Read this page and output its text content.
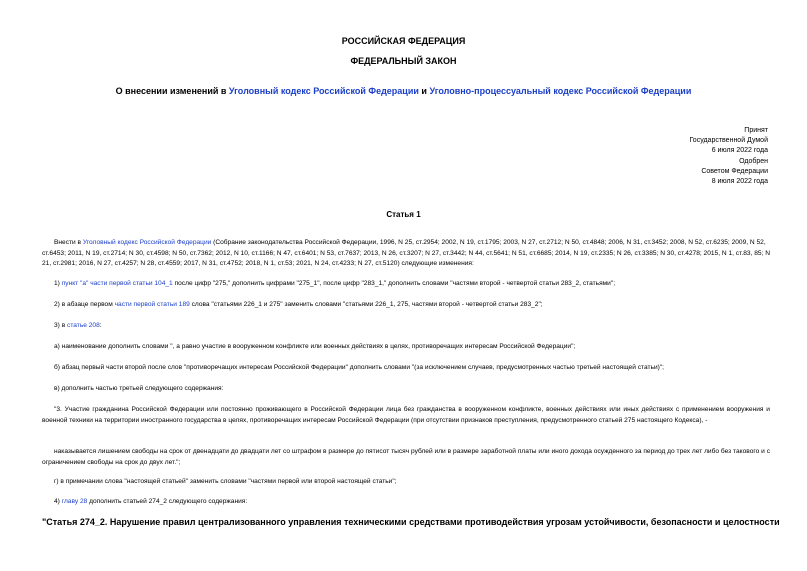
РОССИЙСКАЯ ФЕДЕРАЦИЯ
ФЕДЕРАЛЬНЫЙ ЗАКОН
О внесении изменений в Уголовный кодекс Российской Федерации и Уголовно-процессуальный кодекс Российской Федерации
Принят
Государственной Думой
6 июля 2022 года
Одобрен
Советом Федерации
8 июля 2022 года
Статья 1
Внести в Уголовный кодекс Российской Федерации (Собрание законодательства Российской Федерации, 1996, N 25, ст.2954; 2002, N 19, ст.1795; 2003, N 27, ст.2712; N 50, ст.4848; 2006, N 31, ст.3452; 2008, N 52, ст.6235; 2009, N 52, ст.6453; 2011, N 19, ст.2714; N 30, ст.4598; N 50, ст.7362; 2012, N 10, ст.1166; N 47, ст.6401; N 53, ст.7637; 2013, N 26, ст.3207; N 27, ст.3442; N 44, ст.5641; N 51, ст.6685; 2014, N 19, ст.2335; N 26, ст.3385; N 30, ст.4278; 2015, N 1, ст.83, 85; N 21, ст.2981; 2016, N 27, ст.4257; N 28, ст.4559; 2017, N 31, ст.4752; 2018, N 1, ст.53; 2021, N 24, ст.4233; N 27, ст.5120) следующие изменения:
1) пункт "а" части первой статьи 104_1 после цифр "275," дополнить цифрами "275_1", после цифр "283_1," дополнить словами "частями второй - четвертой статьи 283_2, статьями";
2) в абзаце первом части первой статьи 189 слова "статьями 226_1 и 275" заменить словами "статьями 226_1, 275, частями второй - четвертой статьи 283_2";
3) в статье 208:
а) наименование дополнить словами ", а равно участие в вооруженном конфликте или военных действиях в целях, противоречащих интересам Российской Федерации";
б) абзац первый части второй после слов "противоречащих интересам Российской Федерации" дополнить словами "(за исключением случаев, предусмотренных частью третьей настоящей статьи)";
в) дополнить частью третьей следующего содержания:
"3. Участие гражданина Российской Федерации или постоянно проживающего в Российской Федерации лица без гражданства в вооруженном конфликте, военных действиях или иных действиях с применением вооружения и военной техники на территории иностранного государства в целях, противоречащих интересам Российской Федерации (при отсутствии признаков преступления, предусмотренного статьей 275 настоящего Кодекса), -
наказывается лишением свободы на срок от двенадцати до двадцати лет со штрафом в размере до пятисот тысяч рублей или в размере заработной платы или иного дохода осужденного за период до трех лет либо без такового и с ограничением свободы на срок до двух лет.";
г) в примечании слова "настоящей статьей" заменить словами "частями первой или второй настоящей статьи";
4) главу 28 дополнить статьей 274_2 следующего содержания:
"Статья 274_2. Нарушение правил централизованного управления техническими средствами противодействия угрозам устойчивости, безопасности и целостности
